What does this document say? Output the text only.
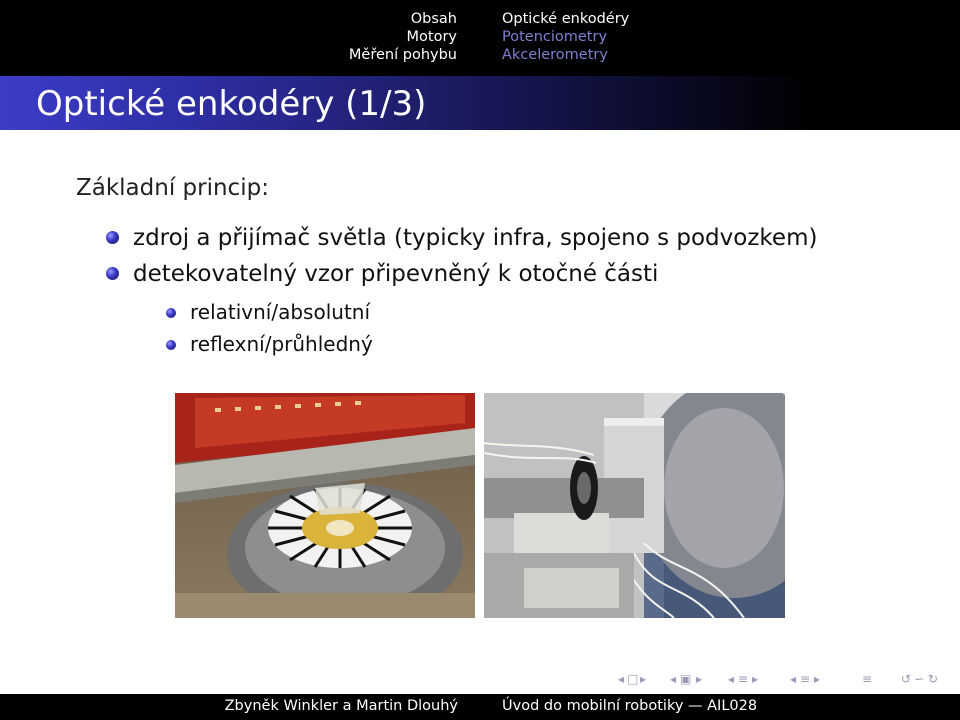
Obsah
Motory
Měření pohybu
Optické enkodéry
Potenciometry
Akcelerometry
Optické enkodéry (1/3)
Základní princip:
zdroj a přijímač světla (typicky infra, spojeno s podvozkem)
detekovatelný vzor připevněný k otočné části
relativní/absolutní
reflexní/průhledný
◂ □ ▸ ◂ ▣ ▸ ◂ ≡ ▸	◂ ≡ ▸	≡ ↺ ∽ ↻
Zbyněk Winkler a Martin Dlouhý	Úvod do mobilní robotiky — AIL028
